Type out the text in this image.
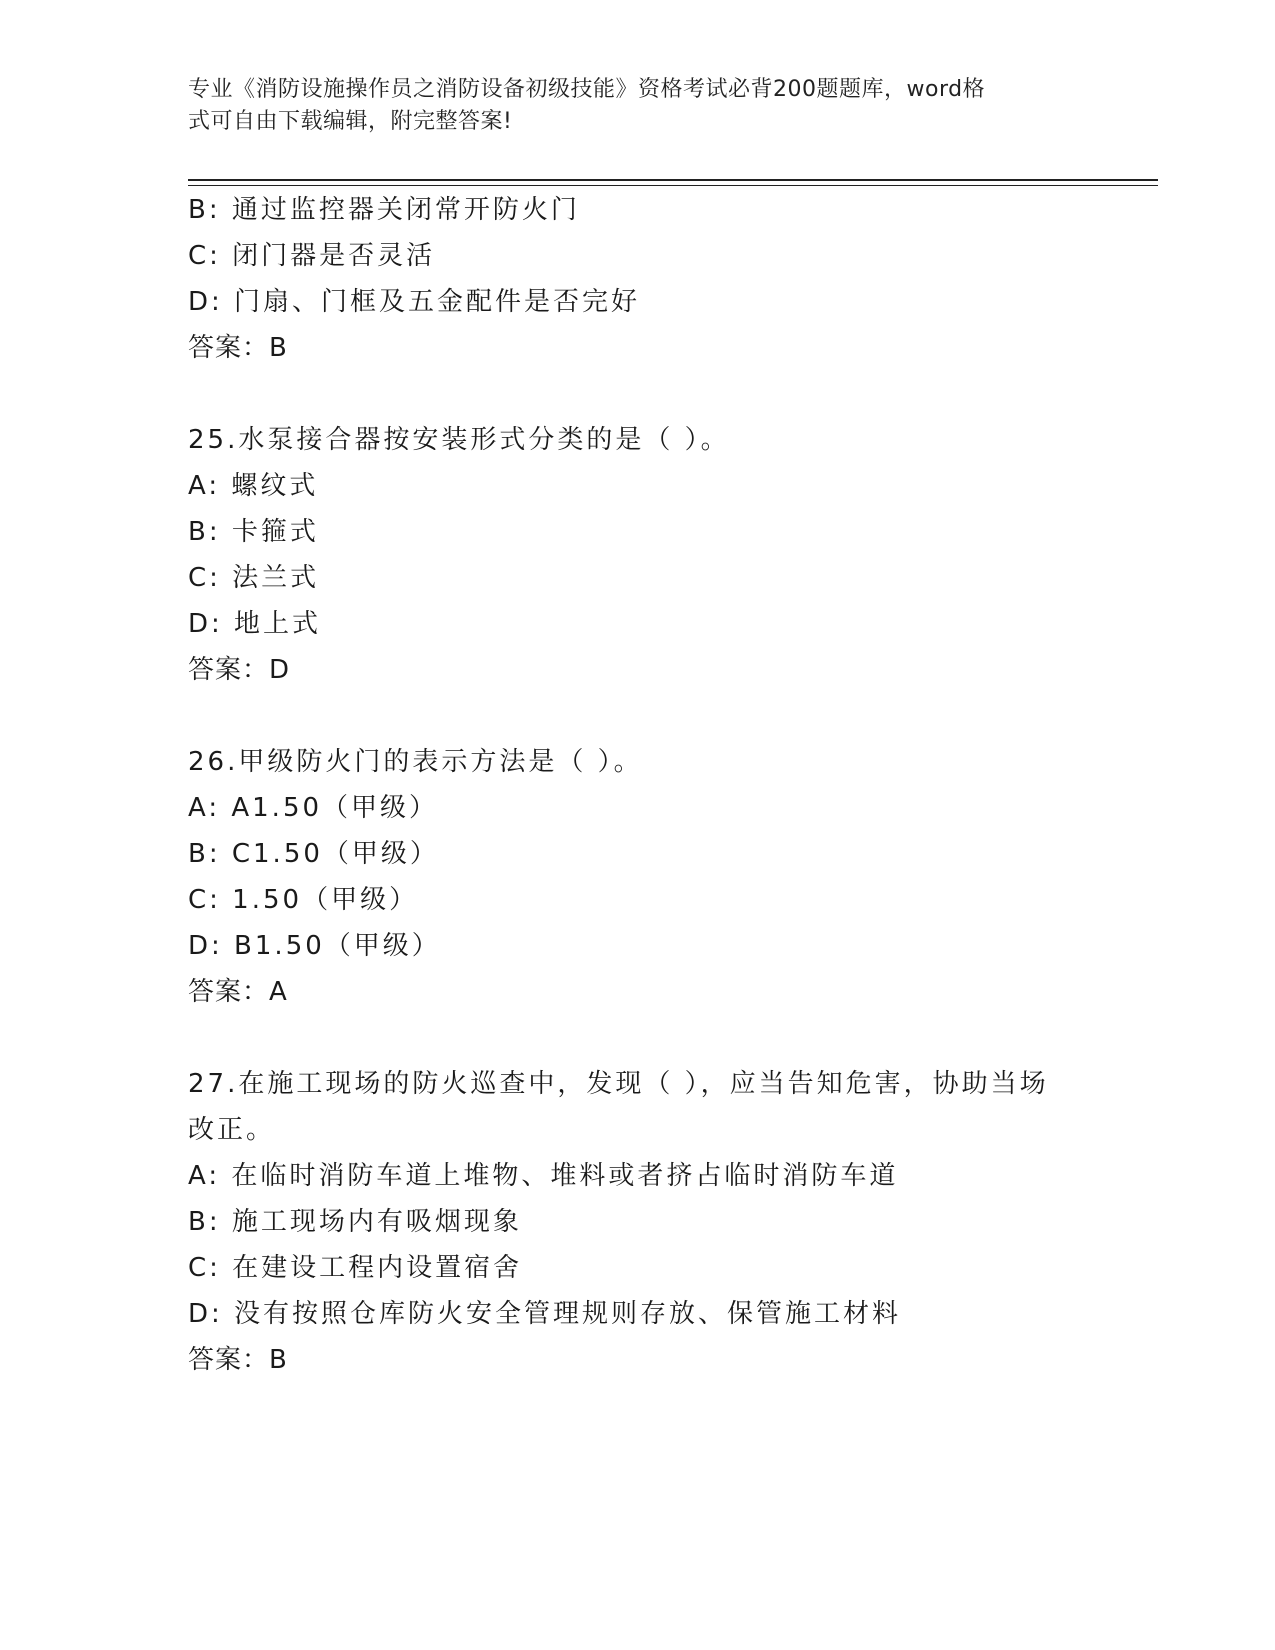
专业《消防设施操作员之消防设备初级技能》资格考试必背200题题库，word格
式可自由下载编辑，附完整答案!
B: 通过监控器关闭常开防火门
C: 闭门器是否灵活
D: 门扇、门框及五金配件是否完好
答案：B
25.水泵接合器按安装形式分类的是（ ）。
A: 螺纹式
B: 卡箍式
C: 法兰式
D: 地上式
答案：D
26.甲级防火门的表示方法是（ ）。
A: A1.50（甲级）
B: C1.50（甲级）
C: 1.50（甲级）
D: B1.50（甲级）
答案：A
27.在施工现场的防火巡查中，发现（ ），应当告知危害，协助当场
改正。
A: 在临时消防车道上堆物、堆料或者挤占临时消防车道
B: 施工现场内有吸烟现象
C: 在建设工程内设置宿舍
D: 没有按照仓库防火安全管理规则存放、保管施工材料
答案：B
